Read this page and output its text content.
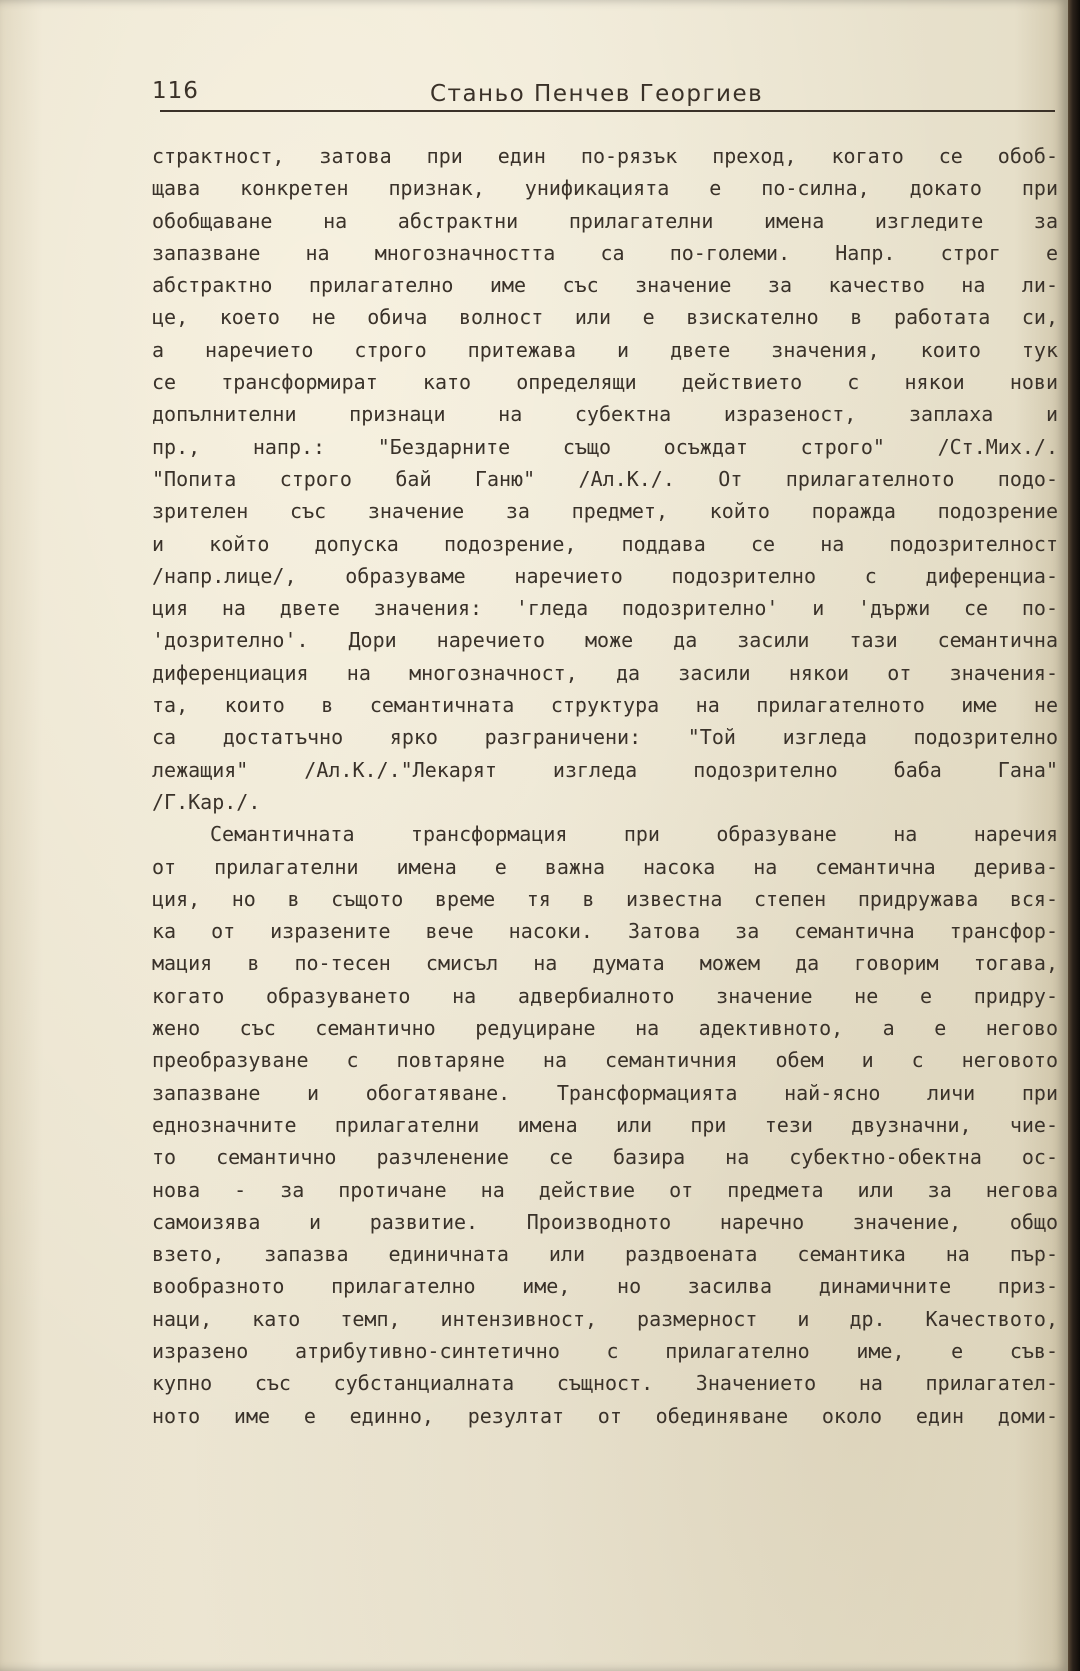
116	Станьо Пенчев Георгиев
страктност, затова при един по-рязък преход, когато се обоб-
щава конкретен признак, унификацията е по-силна, докато при
обобщаване на абстрактни прилагателни имена изгледите за
запазване на многозначността са по-големи. Напр. строг е
абстрактно прилагателно име със значение за качество на ли-
це, което не обича волност или е взискателно в работата си,
а наречието строго притежава и двете значения, които тук
се трансформират като определящи действието с някои нови
допълнителни признаци на субектна изразеност, заплаха и
пр., напр.: "Бездарните също осъждат строго" /Ст.Мих./.
"Попита строго бай Ганю" /Ал.К./. От прилагателното подо-
зрителен със значение за предмет, който поражда подозрение
и който допуска подозрение, поддава се на подозрителност
/напр.лице/, образуваме наречието подозрително с диференциа-
ция на двете значения: 'гледа подозрително' и 'държи се по-
'дозрително'. Дори наречието може да засили тази семантична
диференциация на многозначност, да засили някои от значения-
та, които в семантичната структура на прилагателното име не
са достатъчно ярко разграничени: "Той изгледа подозрително
лежащия" /Ал.К./."Лекарят изгледа подозрително баба Гана"
/Г.Кар./.
Семантичната трансформация при образуване на наречия
от прилагателни имена е важна насока на семантична дерива-
ция, но в същото време тя в известна степен придружава вся-
ка от изразените вече насоки. Затова за семантична трансфор-
мация в по-тесен смисъл на думата можем да говорим тогава,
когато образуването на адвербиалното значение не е придру-
жено със семантично редуциране на адективното, а е негово
преобразуване с повтаряне на семантичния обем и с неговото
запазване и обогатяване. Трансформацията най-ясно личи при
еднозначните прилагателни имена или при тези двузначни, чие-
то семантично разчленение се базира на субектно-обектна ос-
нова - за протичане на действие от предмета или за негова
самоизява и развитие. Производното наречно значение, общо
взето, запазва единичната или раздвоената семантика на пър-
вообразното прилагателно име, но засилва динамичните приз-
наци, като темп, интензивност, размерност и др. Качеството,
изразено атрибутивно-синтетично с прилагателно име, е съв-
купно със субстанциалната същност. Значението на прилагател-
ното име е единно, резултат от обединяване около един доми-
